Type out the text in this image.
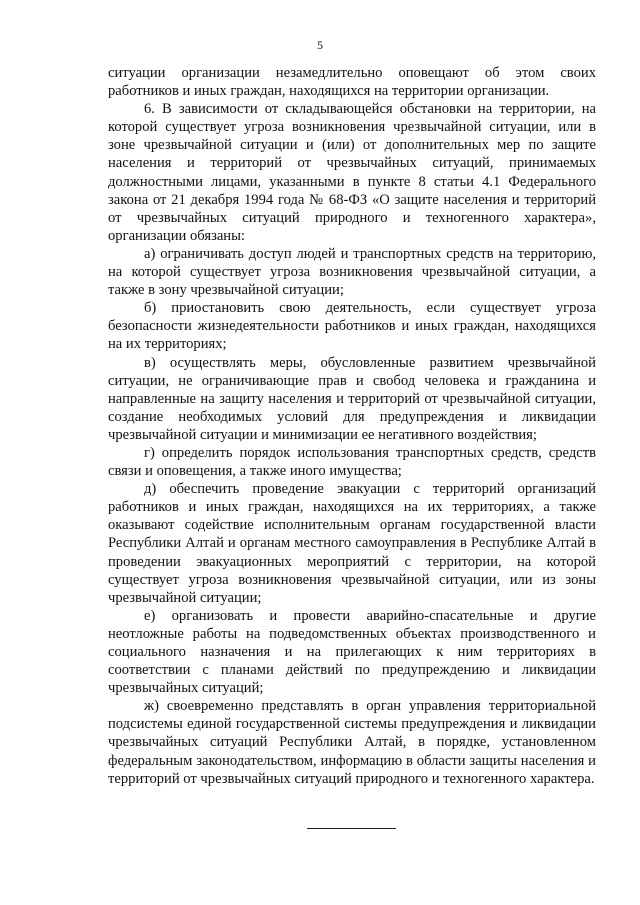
5

ситуации организации незамедлительно оповещают об этом своих работников и иных граждан, находящихся на территории организации.

6. В зависимости от складывающейся обстановки на территории, на которой существует угроза возникновения чрезвычайной ситуации, или в зоне чрезвычайной ситуации и (или) от дополнительных мер по защите населения и территорий от чрезвычайных ситуаций, принимаемых должностными лицами, указанными в пункте 8 статьи 4.1 Федерального закона от 21 декабря 1994 года № 68-ФЗ «О защите населения и территорий от чрезвычайных ситуаций природного и техногенного характера», организации обязаны:

а) ограничивать доступ людей и транспортных средств на территорию, на которой существует угроза возникновения чрезвычайной ситуации, а также в зону чрезвычайной ситуации;

б) приостановить свою деятельность, если существует угроза безопасности жизнедеятельности работников и иных граждан, находящихся на их территориях;

в) осуществлять меры, обусловленные развитием чрезвычайной ситуации, не ограничивающие прав и свобод человека и гражданина и направленные на защиту населения и территорий от чрезвычайной ситуации, создание необходимых условий для предупреждения и ликвидации чрезвычайной ситуации и минимизации ее негативного воздействия;

г) определить порядок использования транспортных средств, средств связи и оповещения, а также иного имущества;

д) обеспечить проведение эвакуации с территорий организаций работников и иных граждан, находящихся на их территориях, а также оказывают содействие исполнительным органам государственной власти Республики Алтай и органам местного самоуправления в Республике Алтай в проведении эвакуационных мероприятий с территории, на которой существует угроза возникновения чрезвычайной ситуации, или из зоны чрезвычайной ситуации;

е) организовать и провести аварийно-спасательные и другие неотложные работы на подведомственных объектах производственного и социального назначения и на прилегающих к ним территориях в соответствии с планами действий по предупреждению и ликвидации чрезвычайных ситуаций;

ж) своевременно представлять в орган управления территориальной подсистемы единой государственной системы предупреждения и ликвидации чрезвычайных ситуаций Республики Алтай, в порядке, установленном федеральным законодательством, информацию в области защиты населения и территорий от чрезвычайных ситуаций природного и техногенного характера.
